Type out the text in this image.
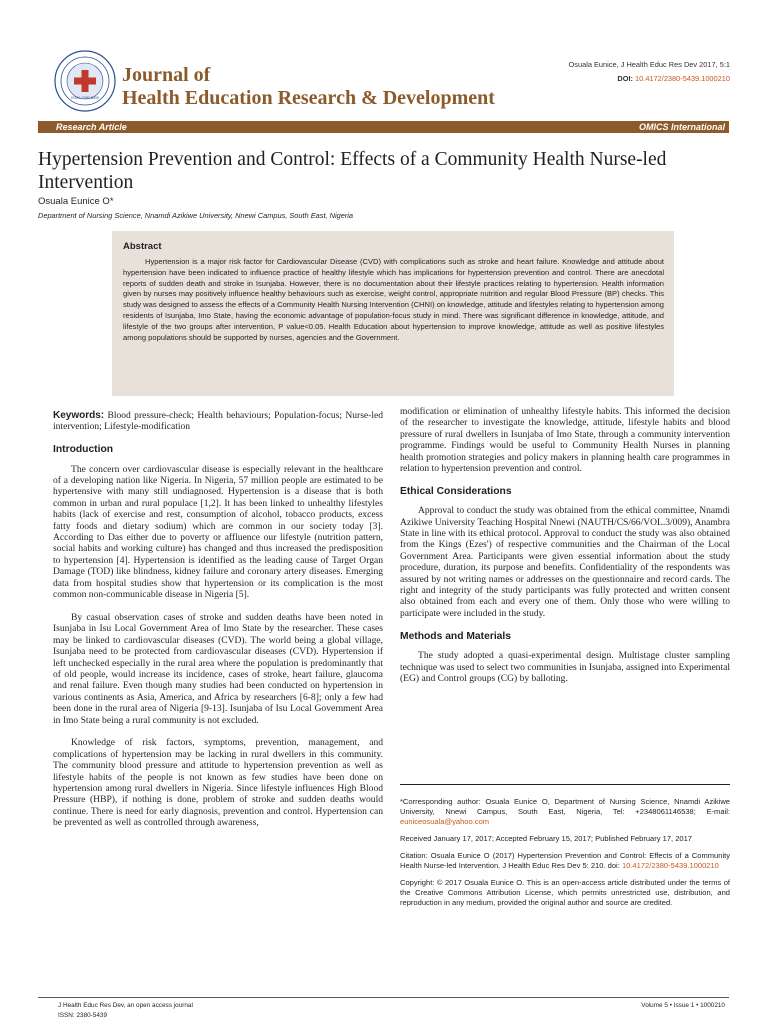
ISSN: 2380-5439
Journal of
Health Education Research & Development
Osuala Eunice, J Health Educ Res Dev 2017, 5:1
DOI: 10.4172/2380-5439.1000210
Research Article	OMICS International
Hypertension Prevention and Control: Effects of a Community Health Nurse-led Intervention
Osuala Eunice O*
Department of Nursing Science, Nnamdi Azikiwe University, Nnewi Campus, South East, Nigeria
Abstract

Hypertension is a major risk factor for Cardiovascular Disease (CVD) with complications such as stroke and heart failure. Knowledge and attitude about hypertension have been indicated to influence practice of healthy lifestyle which has implications for hypertension prevention and control. There are anecdotal reports of sudden death and stroke in Isunjaba. However, there is no documentation about their lifestyle practices relating to hypertension. Health information given by nurses may positively influence healthy behaviours such as exercise, weight control, appropriate nutrition and regular Blood Pressure (BP) checks. This study was designed to assess the effects of a Community Health Nursing Intervention (CHNI) on knowledge, attitude and lifestyles relating to hypertension among residents of Isunjaba, Imo State, having the economic advantage of population-focus study in mind. There was significant difference in knowledge, attitude, and lifestyle of the two groups after intervention, P value<0.05. Health Education about hypertension to improve knowledge, attitude as well as positive lifestyles among populations should be supported by nurses, agencies and the Government.

Keywords: Blood pressure-check; Health behaviours; Population-focus; Nurse-led intervention; Lifestyle-modification

Introduction

The concern over cardiovascular disease is especially relevant in the healthcare of a developing nation like Nigeria. In Nigeria, 57 million people are estimated to be hypertensive with many still undiagnosed. Hypertension is a disease that is both common in urban and rural populace [1,2]. It has been linked to unhealthy lifestyles habits (lack of exercise and rest, consumption of alcohol, tobacco products, excess fatty foods and dietary sodium) which are common in our society today [3]. According to Das either due to poverty or affluence our lifestyle (nutrition pattern, social habits and working culture) has changed and thus increased the predisposition to hypertension [4]. Hypertension is identified as the leading cause of Target Organ Damage (TOD) like blindness, kidney failure and coronary artery diseases. Emerging data from hospital studies show that hypertension or its complication is the most common non-communicable disease in Nigeria [5].

By casual observation cases of stroke and sudden deaths have been noted in Isunjaba in Isu Local Government Area of Imo State by the researcher. These cases may be linked to cardiovascular diseases (CVD). The world being a global village, Isunjaba need to be protected from cardiovascular diseases (CVD). Hypertension if left unchecked especially in the rural area where the population is predominantly that of old people, would increase its incidence, cases of stroke, heart failure, glaucoma and renal failure. Even though many studies had been conducted on hypertension in various continents as Asia, America, and Africa by researchers [6-8]; only a few had been done in the rural area of Nigeria [9-13]. Isunjaba of Isu Local Government Area in Imo State being a rural community is not excluded.

Knowledge of risk factors, symptoms, prevention, management, and complications of hypertension may be lacking in rural dwellers in this community. The community blood pressure and attitude to hypertension prevention as well as lifestyle habits of the people is not known as few studies have been done on hypertension among rural dwellers in Nigeria. Since lifestyle influences High Blood Pressure (HBP), if nothing is done, problem of stroke and sudden deaths would continue. There is need for early diagnosis, prevention and control. Hypertension can be prevented as well as controlled through awareness,

modification or elimination of unhealthy lifestyle habits. This informed the decision of the researcher to investigate the knowledge, attitude, lifestyle habits and blood pressure of rural dwellers in Isunjaba of Imo State, through a community intervention programme. Findings would be useful to Community Health Nurses in planning health promotion strategies and policy makers in planning health care programmes in relation to hypertension prevention and control.

Ethical Considerations

Approval to conduct the study was obtained from the ethical committee, Nnamdi Azikiwe University Teaching Hospital Nnewi (NAUTH/CS/66/VOL.3/009), Anambra State in line with its ethical protocol. Approval to conduct the study was also obtained from the Kings (Ezes') of respective communities and the Chairman of the Local Government Area. Participants were given essential information about the study procedure, duration, its purpose and benefits. Confidentiality of the respondents was assured by not writing names or addresses on the questionnaire and record cards. The right and integrity of the study participants was fully protected and written consent also obtained from each and every one of them. Only those who were willing to participate were included in the study.

Methods and Materials

The study adopted a quasi-experimental design. Multistage cluster sampling technique was used to select two communities in Isunjaba, assigned into Experimental (EG) and Control groups (CG) by balloting.

*Corresponding author: Osuala Eunice O, Department of Nursing Science, Nnamdi Azikiwe University, Nnewi Campus, South East, Nigeria, Tel: +2348061146538; E-mail: euniceosuala@yahoo.com

Received January 17, 2017; Accepted February 15, 2017; Published February 17, 2017

Citation: Osuala Eunice O (2017) Hypertension Prevention and Control: Effects of a Community Health Nurse-led Intervention. J Health Educ Res Dev 5: 210. doi: 10.4172/2380-5439.1000210

Copyright: © 2017 Osuala Eunice O. This is an open-access article distributed under the terms of the Creative Commons Attribution License, which permits unrestricted use, distribution, and reproduction in any medium, provided the original author and source are credited.

J Health Educ Res Dev, an open access journal
ISSN: 2380-5439
Volume 5 • Issue 1 • 1000210
